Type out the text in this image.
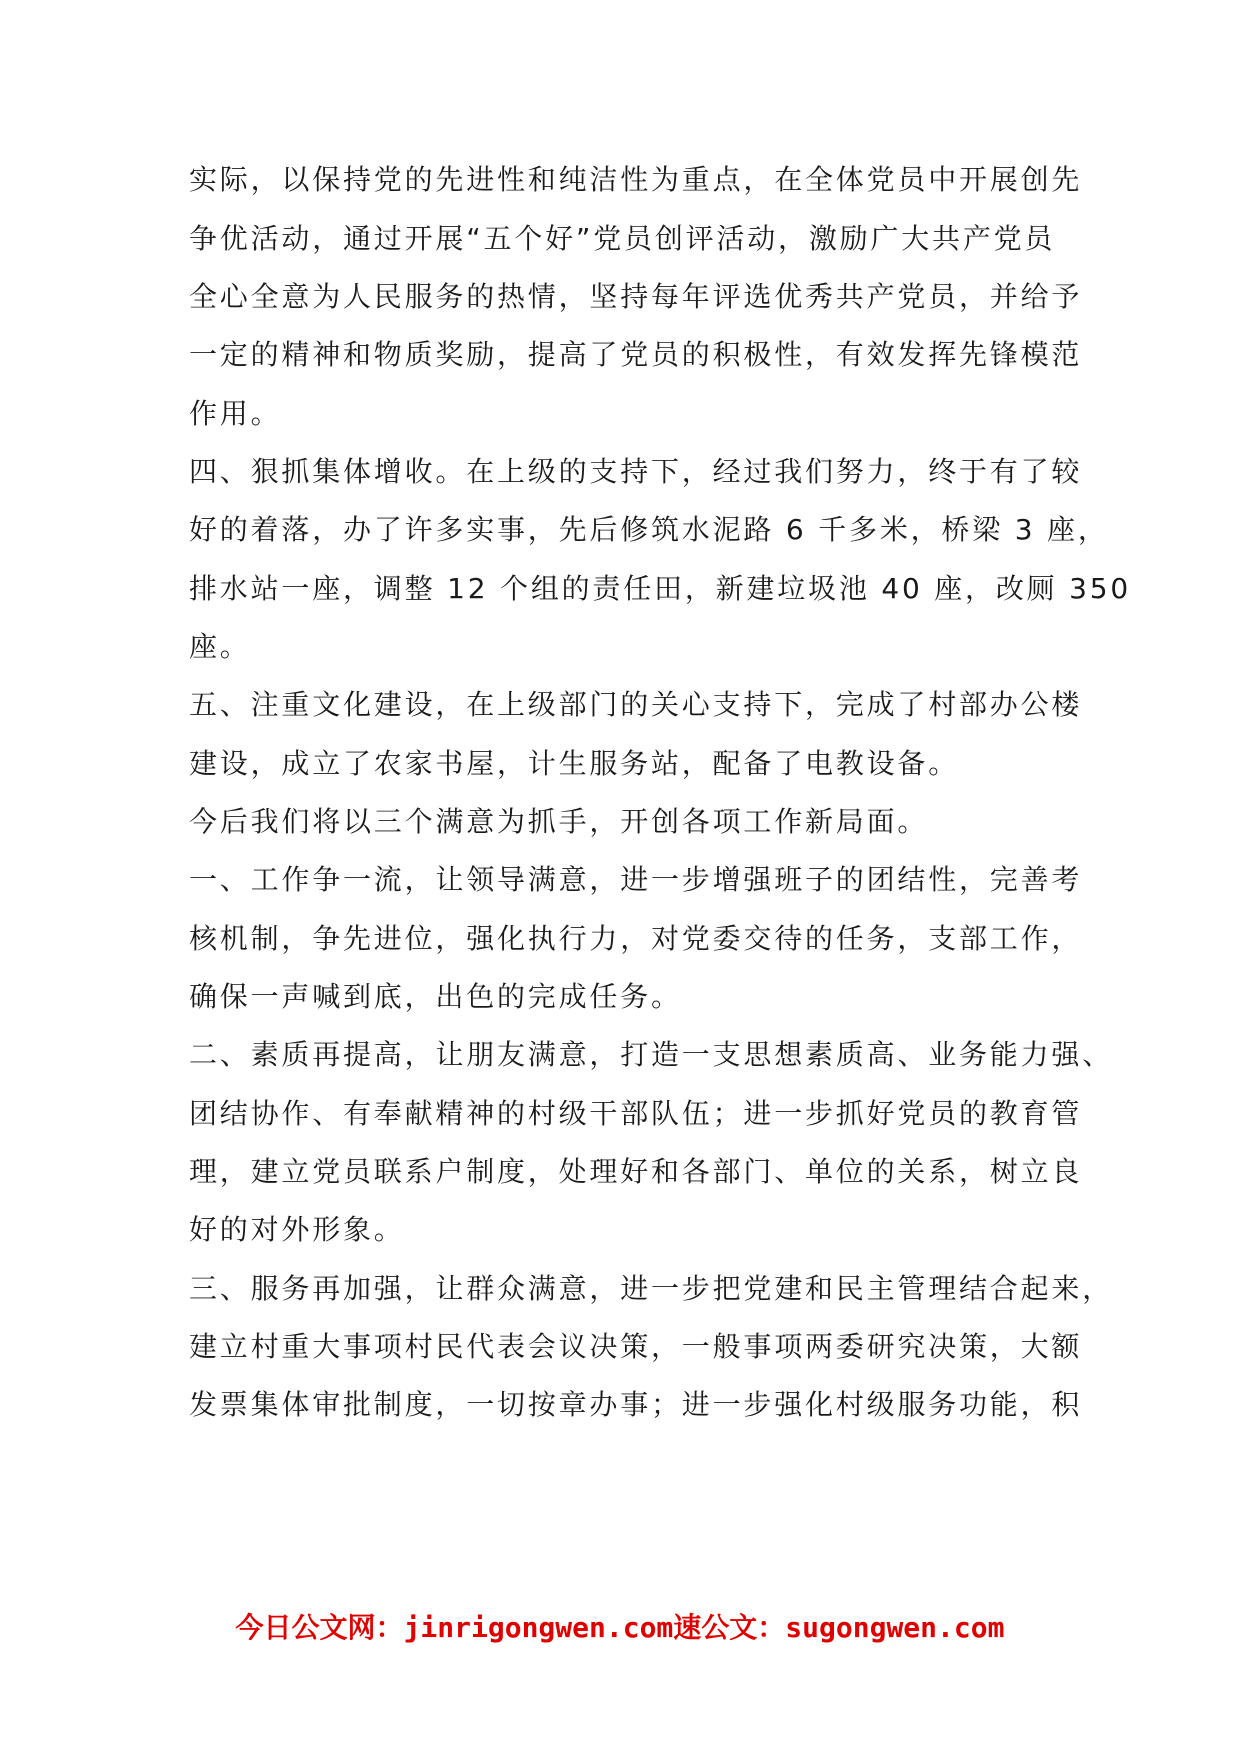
实际，以保持党的先进性和纯洁性为重点，在全体党员中开展创先
争优活动，通过开展“五个好”党员创评活动，激励广大共产党员
全心全意为人民服务的热情，坚持每年评选优秀共产党员，并给予
一定的精神和物质奖励，提高了党员的积极性，有效发挥先锋模范
作用。
四、狠抓集体增收。在上级的支持下，经过我们努力，终于有了较
好的着落，办了许多实事，先后修筑水泥路 6 千多米，桥梁 3 座，
排水站一座，调整 12 个组的责任田，新建垃圾池 40 座，改厕 350
座。
五、注重文化建设，在上级部门的关心支持下，完成了村部办公楼
建设，成立了农家书屋，计生服务站，配备了电教设备。
今后我们将以三个满意为抓手，开创各项工作新局面。
一、工作争一流，让领导满意，进一步增强班子的团结性，完善考
核机制，争先进位，强化执行力，对党委交待的任务，支部工作，
确保一声喊到底，出色的完成任务。
二、素质再提高，让朋友满意，打造一支思想素质高、业务能力强、
团结协作、有奉献精神的村级干部队伍；进一步抓好党员的教育管
理，建立党员联系户制度，处理好和各部门、单位的关系，树立良
好的对外形象。
三、服务再加强，让群众满意，进一步把党建和民主管理结合起来，
建立村重大事项村民代表会议决策，一般事项两委研究决策，大额
发票集体审批制度，一切按章办事；进一步强化村级服务功能，积
今日公文网：jinrigongwen.com速公文：sugongwen.com
